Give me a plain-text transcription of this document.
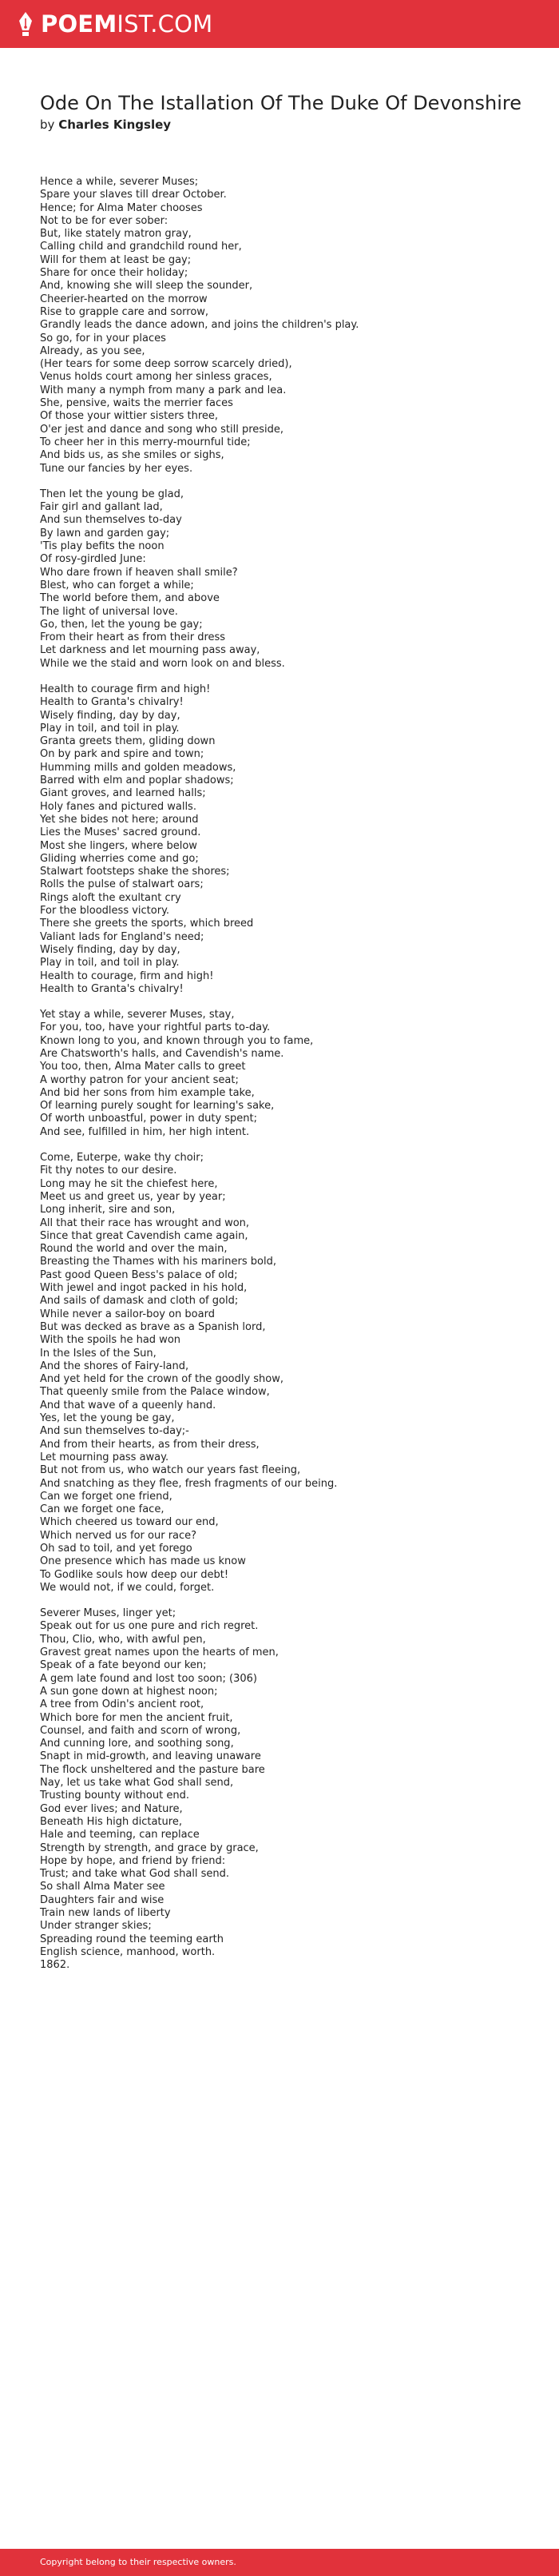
POEMIST.COM
Ode On The Istallation Of The Duke Of Devonshire
by Charles Kingsley
Hence a while, severer Muses;
Spare your slaves till drear October.
Hence; for Alma Mater chooses
Not to be for ever sober:
But, like stately matron gray,
Calling child and grandchild round her,
Will for them at least be gay;
Share for once their holiday;
And, knowing she will sleep the sounder,
Cheerier-hearted on the morrow
Rise to grapple care and sorrow,
Grandly leads the dance adown, and joins the children's play.
So go, for in your places
Already, as you see,
(Her tears for some deep sorrow scarcely dried),
Venus holds court among her sinless graces,
With many a nymph from many a park and lea.
She, pensive, waits the merrier faces
Of those your wittier sisters three,
O'er jest and dance and song who still preside,
To cheer her in this merry-mournful tide;
And bids us, as she smiles or sighs,
Tune our fancies by her eyes.
Then let the young be glad,
Fair girl and gallant lad,
And sun themselves to-day
By lawn and garden gay;
'Tis play befits the noon
Of rosy-girdled June:
Who dare frown if heaven shall smile?
Blest, who can forget a while;
The world before them, and above
The light of universal love.
Go, then, let the young be gay;
From their heart as from their dress
Let darkness and let mourning pass away,
While we the staid and worn look on and bless.
Health to courage firm and high!
Health to Granta's chivalry!
Wisely finding, day by day,
Play in toil, and toil in play.
Granta greets them, gliding down
On by park and spire and town;
Humming mills and golden meadows,
Barred with elm and poplar shadows;
Giant groves, and learned halls;
Holy fanes and pictured walls.
Yet she bides not here; around
Lies the Muses' sacred ground.
Most she lingers, where below
Gliding wherries come and go;
Stalwart footsteps shake the shores;
Rolls the pulse of stalwart oars;
Rings aloft the exultant cry
For the bloodless victory.
There she greets the sports, which breed
Valiant lads for England's need;
Wisely finding, day by day,
Play in toil, and toil in play.
Health to courage, firm and high!
Health to Granta's chivalry!
Yet stay a while, severer Muses, stay,
For you, too, have your rightful parts to-day.
Known long to you, and known through you to fame,
Are Chatsworth's halls, and Cavendish's name.
You too, then, Alma Mater calls to greet
A worthy patron for your ancient seat;
And bid her sons from him example take,
Of learning purely sought for learning's sake,
Of worth unboastful, power in duty spent;
And see, fulfilled in him, her high intent.
Come, Euterpe, wake thy choir;
Fit thy notes to our desire.
Long may he sit the chiefest here,
Meet us and greet us, year by year;
Long inherit, sire and son,
All that their race has wrought and won,
Since that great Cavendish came again,
Round the world and over the main,
Breasting the Thames with his mariners bold,
Past good Queen Bess's palace of old;
With jewel and ingot packed in his hold,
And sails of damask and cloth of gold;
While never a sailor-boy on board
But was decked as brave as a Spanish lord,
With the spoils he had won
In the Isles of the Sun,
And the shores of Fairy-land,
And yet held for the crown of the goodly show,
That queenly smile from the Palace window,
And that wave of a queenly hand.
Yes, let the young be gay,
And sun themselves to-day;-
And from their hearts, as from their dress,
Let mourning pass away.
But not from us, who watch our years fast fleeing,
And snatching as they flee, fresh fragments of our being.
Can we forget one friend,
Can we forget one face,
Which cheered us toward our end,
Which nerved us for our race?
Oh sad to toil, and yet forego
One presence which has made us know
To Godlike souls how deep our debt!
We would not, if we could, forget.
Severer Muses, linger yet;
Speak out for us one pure and rich regret.
Thou, Clio, who, with awful pen,
Gravest great names upon the hearts of men,
Speak of a fate beyond our ken;
A gem late found and lost too soon; (306)
A sun gone down at highest noon;
A tree from Odin's ancient root,
Which bore for men the ancient fruit,
Counsel, and faith and scorn of wrong,
And cunning lore, and soothing song,
Snapt in mid-growth, and leaving unaware
The flock unsheltered and the pasture bare
Nay, let us take what God shall send,
Trusting bounty without end.
God ever lives; and Nature,
Beneath His high dictature,
Hale and teeming, can replace
Strength by strength, and grace by grace,
Hope by hope, and friend by friend:
Trust; and take what God shall send.
So shall Alma Mater see
Daughters fair and wise
Train new lands of liberty
Under stranger skies;
Spreading round the teeming earth
English science, manhood, worth.
1862.
Copyright belong to their respective owners.
